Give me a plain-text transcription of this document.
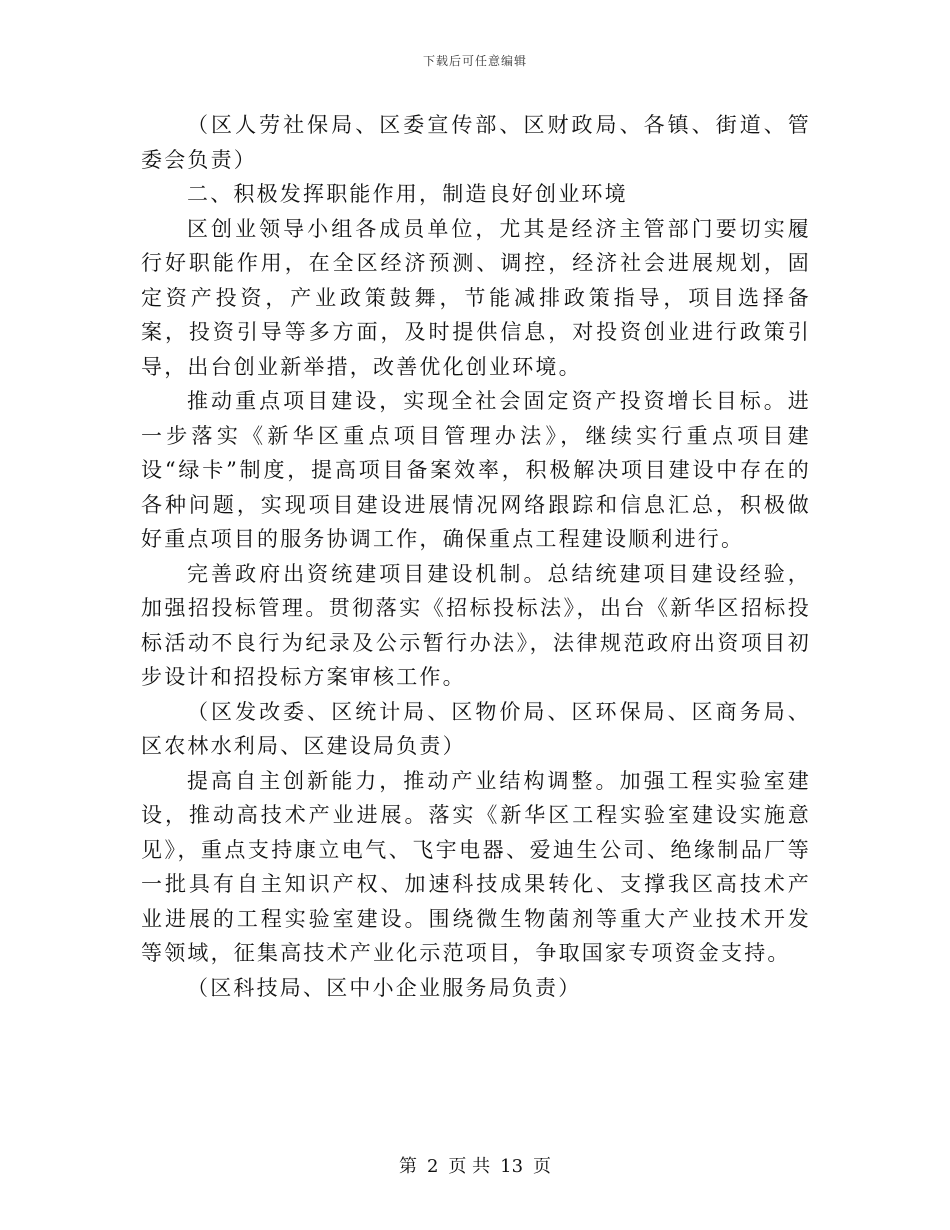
下载后可任意编辑

（区人劳社保局、区委宣传部、区财政局、各镇、街道、管委会负责）

二、积极发挥职能作用，制造良好创业环境

区创业领导小组各成员单位，尤其是经济主管部门要切实履行好职能作用，在全区经济预测、调控，经济社会进展规划，固定资产投资，产业政策鼓舞，节能减排政策指导，项目选择备案，投资引导等多方面，及时提供信息，对投资创业进行政策引导，出台创业新举措，改善优化创业环境。

推动重点项目建设，实现全社会固定资产投资增长目标。进一步落实《新华区重点项目管理办法》，继续实行重点项目建设“绿卡”制度，提高项目备案效率，积极解决项目建设中存在的各种问题，实现项目建设进展情况网络跟踪和信息汇总，积极做好重点项目的服务协调工作，确保重点工程建设顺利进行。

完善政府出资统建项目建设机制。总结统建项目建设经验，加强招投标管理。贯彻落实《招标投标法》，出台《新华区招标投标活动不良行为纪录及公示暂行办法》，法律规范政府出资项目初步设计和招投标方案审核工作。

（区发改委、区统计局、区物价局、区环保局、区商务局、区农林水利局、区建设局负责）

提高自主创新能力，推动产业结构调整。加强工程实验室建设，推动高技术产业进展。落实《新华区工程实验室建设实施意见》，重点支持康立电气、飞宇电器、爱迪生公司、绝缘制品厂等一批具有自主知识产权、加速科技成果转化、支撑我区高技术产业进展的工程实验室建设。围绕微生物菌剂等重大产业技术开发等领域，征集高技术产业化示范项目，争取国家专项资金支持。

（区科技局、区中小企业服务局负责）

第 2 页 共 13 页
